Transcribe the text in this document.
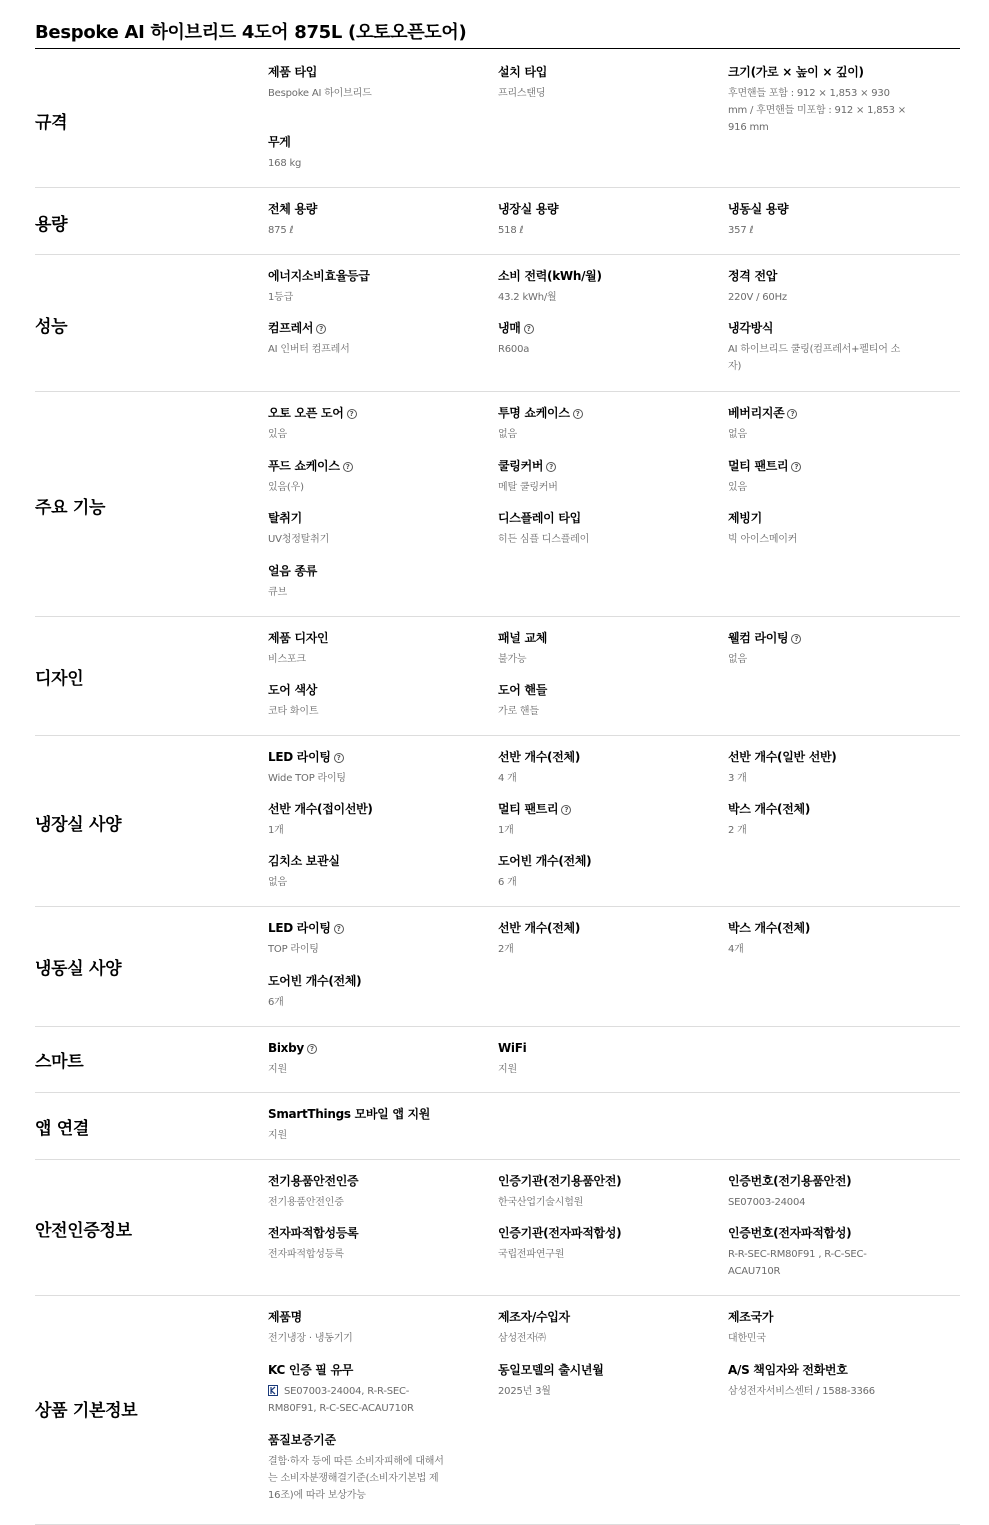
Bespoke AI 하이브리드 4도어 875L (오토오픈도어)
규격
제품 타입
Bespoke AI 하이브리드
설치 타입
프리스탠딩
크기(가로 × 높이 × 깊이)
후면핸들 포함 : 912 × 1,853 × 930 mm / 후면핸들 미포함 : 912 × 1,853 × 916 mm
무게
168 kg
용량
전체 용량
875 ℓ
냉장실 용량
518 ℓ
냉동실 용량
357 ℓ
성능
에너지소비효율등급
1등급
소비 전력(kWh/월)
43.2 kWh/월
정격 전압
220V / 60Hz
컴프레서 ?
AI 인버터 컴프레서
냉매 ?
R600a
냉각방식
AI 하이브리드 쿨링(컴프레서+펠티어 소자)
주요 기능
오토 오픈 도어 ?
있음
투명 쇼케이스 ?
없음
베버리지존 ?
없음
푸드 쇼케이스 ?
있음(우)
쿨링커버 ?
메탈 쿨링커버
멀티 팬트리 ?
있음
탈취기
UV청정탈취기
디스플레이 타입
히든 심플 디스플레이
제빙기
빅 아이스메이커
얼음 종류
큐브
디자인
제품 디자인
비스포크
패널 교체
불가능
웰컴 라이팅 ?
없음
도어 색상
코타 화이트
도어 핸들
가로 핸들
냉장실 사양
LED 라이팅 ?
Wide TOP 라이팅
선반 개수(전체)
4 개
선반 개수(일반 선반)
3 개
선반 개수(접이선반)
1개
멀티 팬트리 ?
1개
박스 개수(전체)
2 개
김치소 보관실
없음
도어빈 개수(전체)
6 개
냉동실 사양
LED 라이팅 ?
TOP 라이팅
선반 개수(전체)
2개
박스 개수(전체)
4개
도어빈 개수(전체)
6개
스마트
Bixby ?
지원
WiFi
지원
앱 연결
SmartThings 모바일 앱 지원
지원
안전인증정보
전기용품안전인증
전기용품안전인증
인증기관(전기용품안전)
한국산업기술시험원
인증번호(전기용품안전)
SE07003-24004
전자파적합성등록
전자파적합성등록
인증기관(전자파적합성)
국립전파연구원
인증번호(전자파적합성)
R-R-SEC-RM80F91 , R-C-SEC-ACAU710R
상품 기본정보
제품명
전기냉장 · 냉동기기
제조자/수입자
삼성전자㈜
제조국가
대한민국
KC 인증 필 유무
SE07003-24004, R-R-SEC-RM80F91, R-C-SEC-ACAU710R
동일모델의 출시년월
2025년 3월
A/S 책임자와 전화번호
삼성전자서비스센터 / 1588-3366
품질보증기준
결함·하자 등에 따른 소비자피해에 대해서는 소비자분쟁해결기준(소비자기본법 제16조)에 따라 보상가능
